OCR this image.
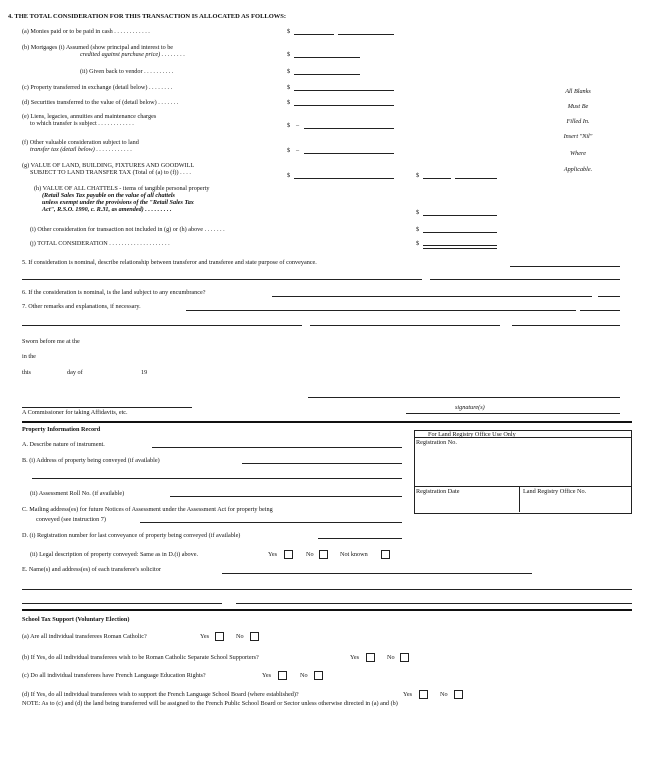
4. THE TOTAL CONSIDERATION FOR THIS TRANSACTION IS ALLOCATED AS FOLLOWS:
(a) Monies paid or to be paid in cash . . . . . . . . . . . .	$
(b) Mortgages (i) Assumed (show principal and interest to be
credited against purchase price) . . . . . . . .	$
(ii) Given back to vendor . . . . . . . . . .	$
(c) Property transferred in exchange (detail below) . . . . . . . .	$
(d) Securities transferred to the value of (detail below) . . . . . . .	$
(e) Liens, legacies, annuities and maintenance charges
to which transfer is subject . . . . . . . . . . . .	$ –
(f) Other valuable consideration subject to land
transfer tax (detail below) . . . . . . . . . . . .	$ –
(g) VALUE OF LAND, BUILDING, FIXTURES AND GOODWILL
SUBJECT TO LAND TRANSFER TAX (Total of (a) to (f)) . . . .	$	$
(h) VALUE OF ALL CHATTELS - items of tangible personal property
(Retail Sales Tax payable on the value of all chattels
unless exempt under the provisions of the "Retail Sales Tax
Act", R.S.O. 1990, c. R.31, as amended) . . . . . . . . .	$
(i) Other consideration for transaction not included in (g) or (h) above . . . . . . .	$
(j) TOTAL CONSIDERATION . . . . . . . . . . . . . . . . . . . .	$
All Blanks
Must Be
Filled In.
Insert "Nil"
Where
Applicable.
5. If consideration is nominal, describe relationship between transferor and transferee and state purpose of conveyance.
6. If the consideration is nominal, is the land subject to any encumbrance?
7. Other remarks and explanations, if necessary.
Sworn before me at the
in the
this	day of	19
signature(s)
A Commissioner for taking Affidavits, etc.
Property Information Record
For Land Registry Office Use Only
Registration No.
Registration Date	Land Registry Office No.
A. Describe nature of instrument.
B. (i) Address of property being conveyed (if available)
(ii) Assessment Roll No. (if available)
C. Mailing address(es) for future Notices of Assessment under the Assessment Act for property being
conveyed (see instruction 7)
D. (i) Registration number for last conveyance of property being conveyed (if available)
(ii) Legal description of property conveyed: Same as in D.(i) above.	Yes	No	Not known
E. Name(s) and address(es) of each transferee's solicitor
School Tax Support (Voluntary Election)
(a) Are all individual transferees Roman Catholic?	Yes	No
(b) If Yes, do all individual transferees wish to be Roman Catholic Separate School Supporters?	Yes	No
(c) Do all individual transferees have French Language Education Rights?	Yes	No
(d) If Yes, do all individual transferees wish to support the French Language School Board (where established)?	Yes	No
NOTE: As to (c) and (d) the land being transferred will be assigned to the French Public School Board or Sector unless otherwise directed in (a) and (b)
